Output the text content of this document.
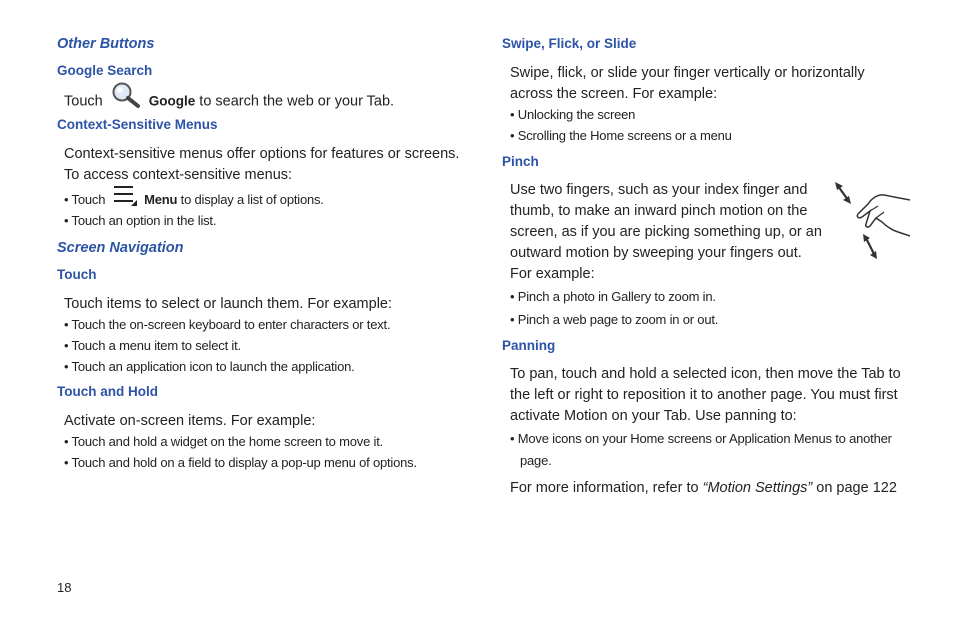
Other Buttons
Google Search
Touch	Google to search the web or your Tab.
Context-Sensitive Menus
Context-sensitive menus offer options for features or screens. To access context-sensitive menus:
• Touch	Menu to display a list of options.
• Touch an option in the list.
Screen Navigation
Touch
Touch items to select or launch them. For example:
• Touch the on-screen keyboard to enter characters or text.
• Touch a menu item to select it.
• Touch an application icon to launch the application.
Touch and Hold
Activate on-screen items. For example:
• Touch and hold a widget on the home screen to move it.
• Touch and hold on a field to display a pop-up menu of options.
Swipe, Flick, or Slide
Swipe, flick, or slide your finger vertically or horizontally across the screen. For example:
• Unlocking the screen
• Scrolling the Home screens or a menu
Pinch
Use two fingers, such as your index finger and thumb, to make an inward pinch motion on the screen, as if you are picking something up, or an outward motion by sweeping your fingers out. For example:
• Pinch a photo in Gallery to zoom in.
• Pinch a web page to zoom in or out.
Panning
To pan, touch and hold a selected icon, then move the Tab to the left or right to reposition it to another page. You must first activate Motion on your Tab. Use panning to:
• Move icons on your Home screens or Application Menus to another page.
For more information, refer to “Motion Settings” on page 122
18
